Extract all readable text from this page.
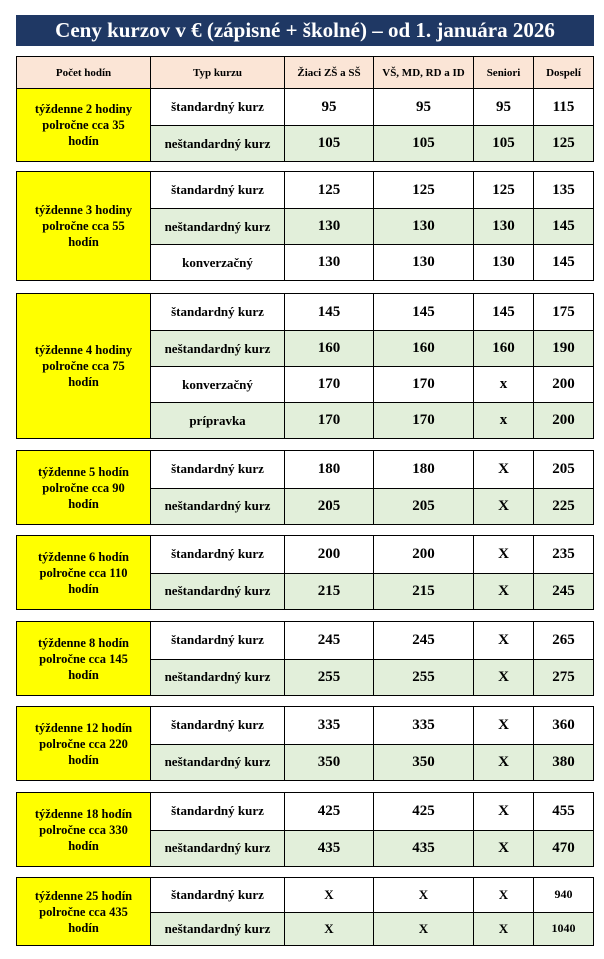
Ceny kurzov v € (zápisné + školné) – od 1. januára 2026
Počet hodín	Typ kurzu	Žiaci ZŠ a SŠ	VŠ, MD, RD a ID	Seniori	Dospelí
týždenne 2 hodiny
polročne cca 35 hodín
štandardný kurz	95	95	95	115
neštandardný kurz	105	105	105	125
týždenne 3 hodiny
polročne cca 55 hodín
štandardný kurz	125	125	125	135
neštandardný kurz	130	130	130	145
konverzačný	130	130	130	145
týždenne 4 hodiny
polročne cca 75 hodín
štandardný kurz	145	145	145	175
neštandardný kurz	160	160	160	190
konverzačný	170	170	x	200
prípravka	170	170	x	200
týždenne 5 hodín
polročne cca 90 hodín
štandardný kurz	180	180	X	205
neštandardný kurz	205	205	X	225
týždenne 6 hodín
polročne cca 110 hodín
štandardný kurz	200	200	X	235
neštandardný kurz	215	215	X	245
týždenne 8 hodín
polročne cca 145 hodín
štandardný kurz	245	245	X	265
neštandardný kurz	255	255	X	275
týždenne 12 hodín
polročne cca 220 hodín
štandardný kurz	335	335	X	360
neštandardný kurz	350	350	X	380
týždenne 18 hodín
polročne cca 330 hodín
štandardný kurz	425	425	X	455
neštandardný kurz	435	435	X	470
týždenne 25 hodín
polročne cca 435 hodín
štandardný kurz	X	X	X	940
neštandardný kurz	X	X	X	1040
